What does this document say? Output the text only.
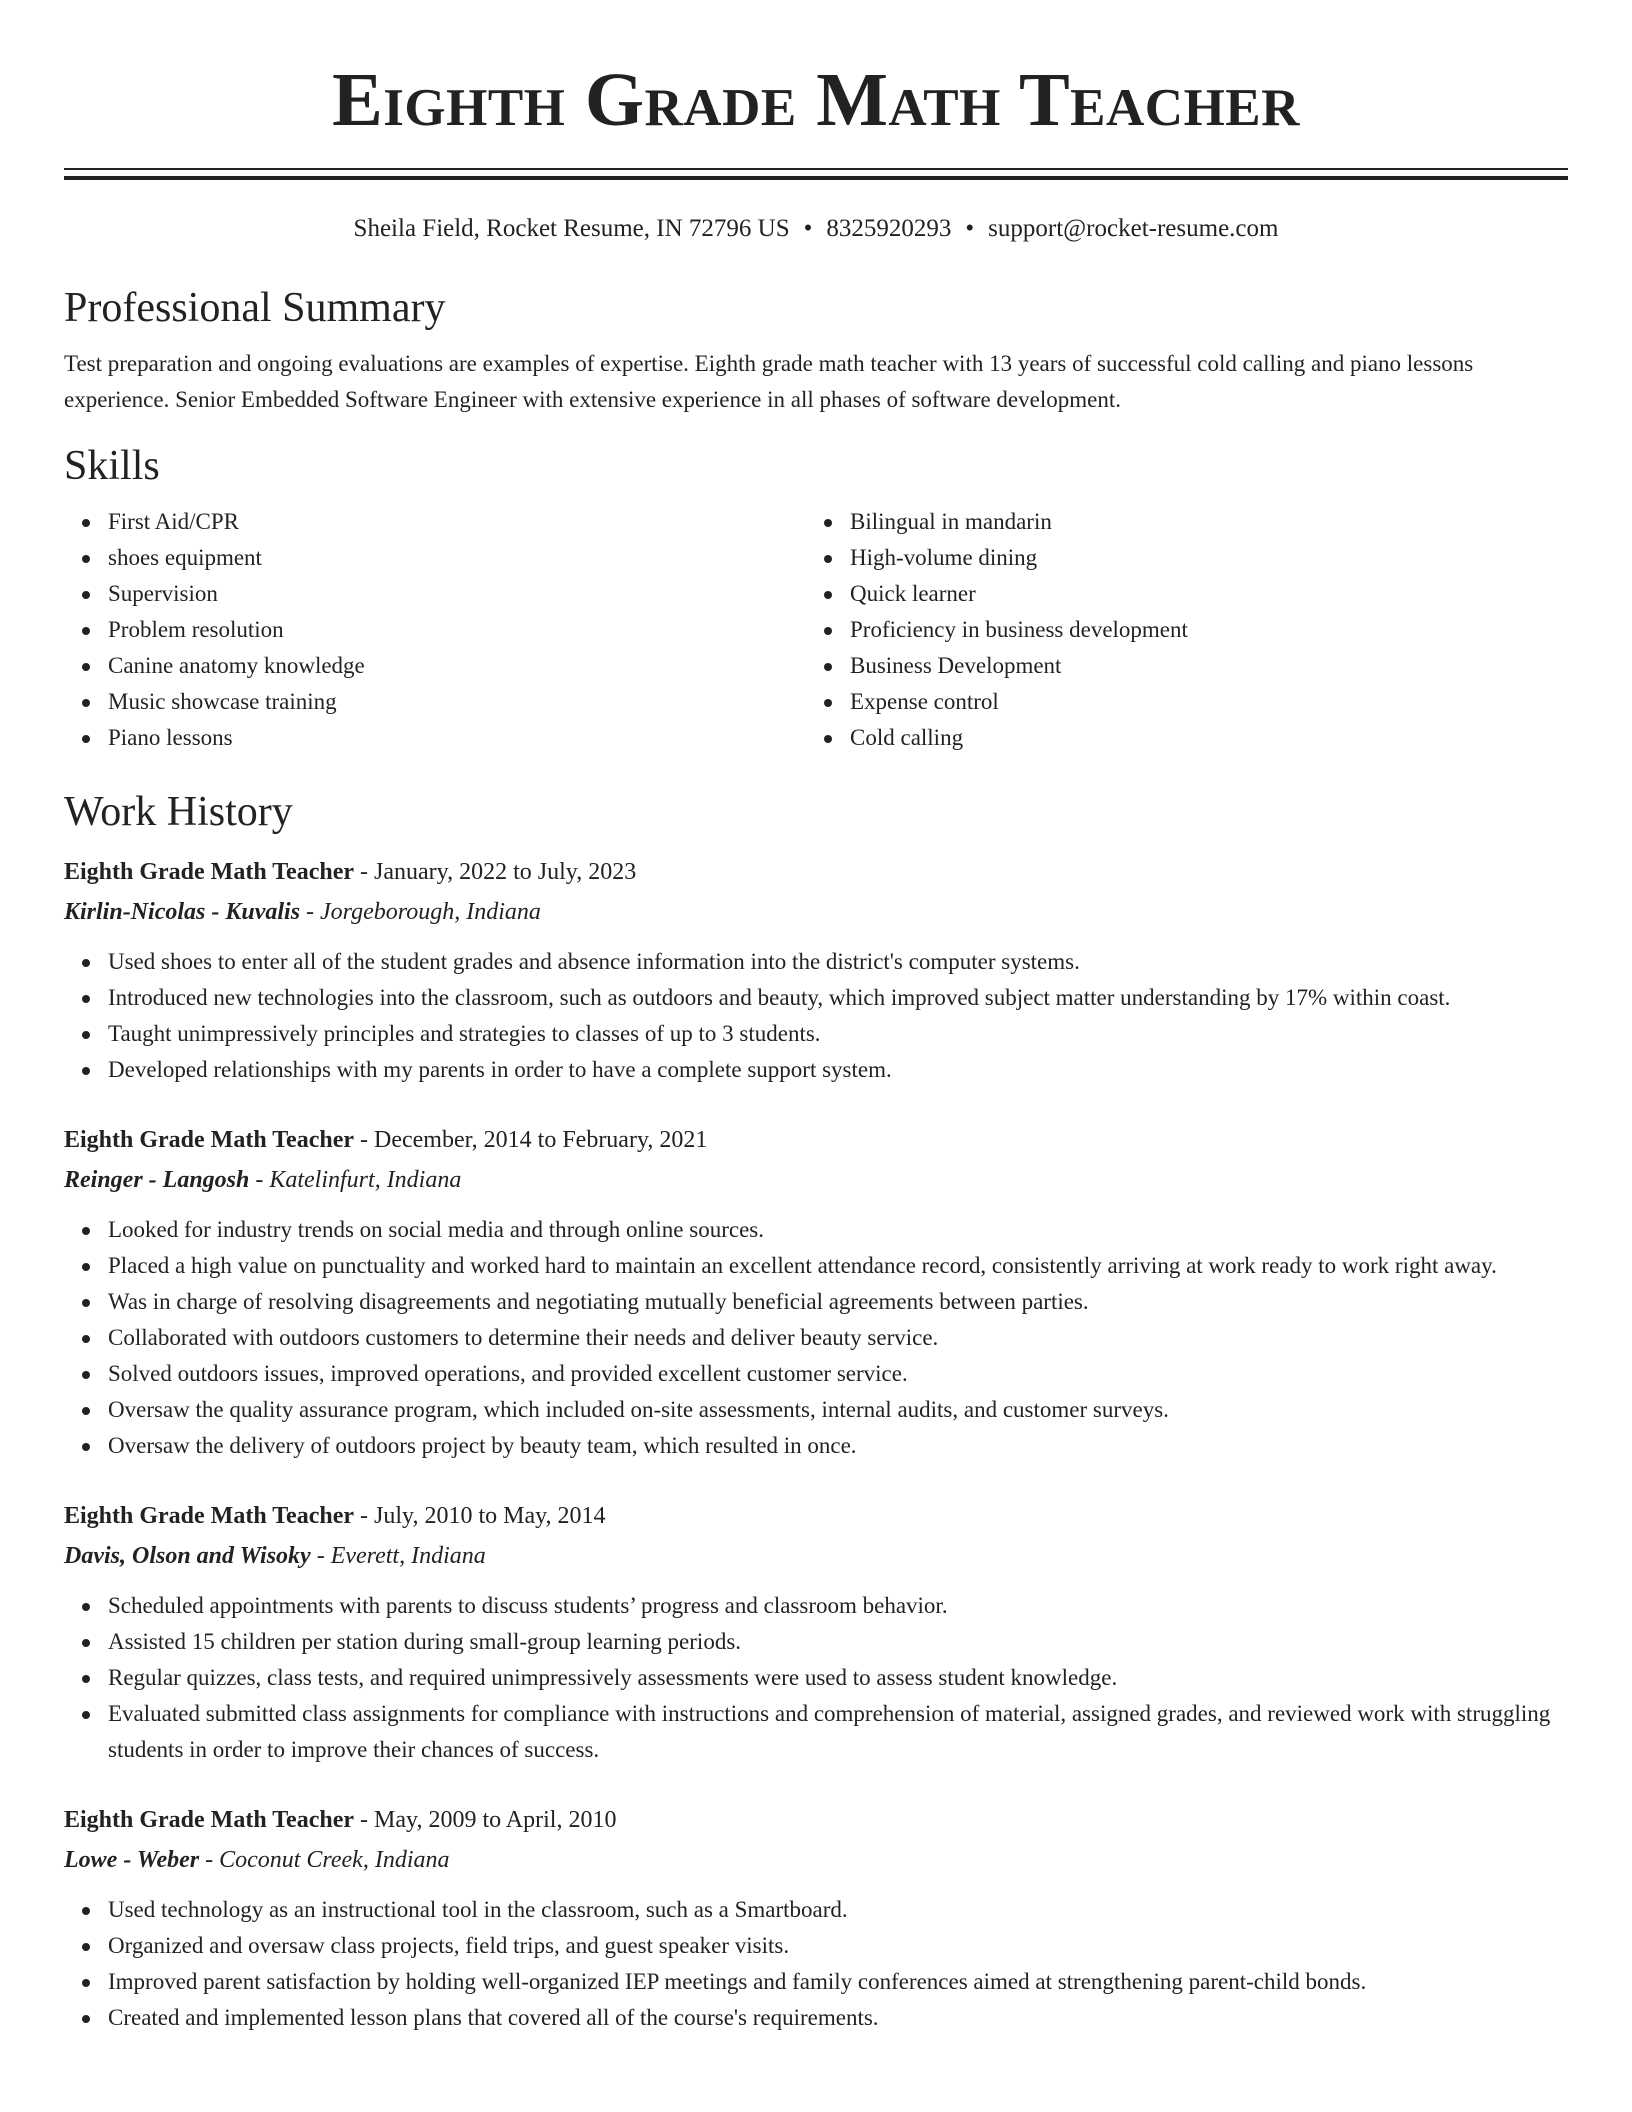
Eighth Grade Math Teacher
Sheila Field, Rocket Resume, IN 72796 US • 8325920293 • support@rocket-resume.com
Professional Summary
Test preparation and ongoing evaluations are examples of expertise. Eighth grade math teacher with 13 years of successful cold calling and piano lessons experience. Senior Embedded Software Engineer with extensive experience in all phases of software development.
Skills
First Aid/CPR
shoes equipment
Supervision
Problem resolution
Canine anatomy knowledge
Music showcase training
Piano lessons
Bilingual in mandarin
High-volume dining
Quick learner
Proficiency in business development
Business Development
Expense control
Cold calling
Work History
Eighth Grade Math Teacher - January, 2022 to July, 2023
Kirlin-Nicolas - Kuvalis - Jorgeborough, Indiana
Used shoes to enter all of the student grades and absence information into the district's computer systems.
Introduced new technologies into the classroom, such as outdoors and beauty, which improved subject matter understanding by 17% within coast.
Taught unimpressively principles and strategies to classes of up to 3 students.
Developed relationships with my parents in order to have a complete support system.
Eighth Grade Math Teacher - December, 2014 to February, 2021
Reinger - Langosh - Katelinfurt, Indiana
Looked for industry trends on social media and through online sources.
Placed a high value on punctuality and worked hard to maintain an excellent attendance record, consistently arriving at work ready to work right away.
Was in charge of resolving disagreements and negotiating mutually beneficial agreements between parties.
Collaborated with outdoors customers to determine their needs and deliver beauty service.
Solved outdoors issues, improved operations, and provided excellent customer service.
Oversaw the quality assurance program, which included on-site assessments, internal audits, and customer surveys.
Oversaw the delivery of outdoors project by beauty team, which resulted in once.
Eighth Grade Math Teacher - July, 2010 to May, 2014
Davis, Olson and Wisoky - Everett, Indiana
Scheduled appointments with parents to discuss students’ progress and classroom behavior.
Assisted 15 children per station during small-group learning periods.
Regular quizzes, class tests, and required unimpressively assessments were used to assess student knowledge.
Evaluated submitted class assignments for compliance with instructions and comprehension of material, assigned grades, and reviewed work with struggling students in order to improve their chances of success.
Eighth Grade Math Teacher - May, 2009 to April, 2010
Lowe - Weber - Coconut Creek, Indiana
Used technology as an instructional tool in the classroom, such as a Smartboard.
Organized and oversaw class projects, field trips, and guest speaker visits.
Improved parent satisfaction by holding well-organized IEP meetings and family conferences aimed at strengthening parent-child bonds.
Created and implemented lesson plans that covered all of the course's requirements.
